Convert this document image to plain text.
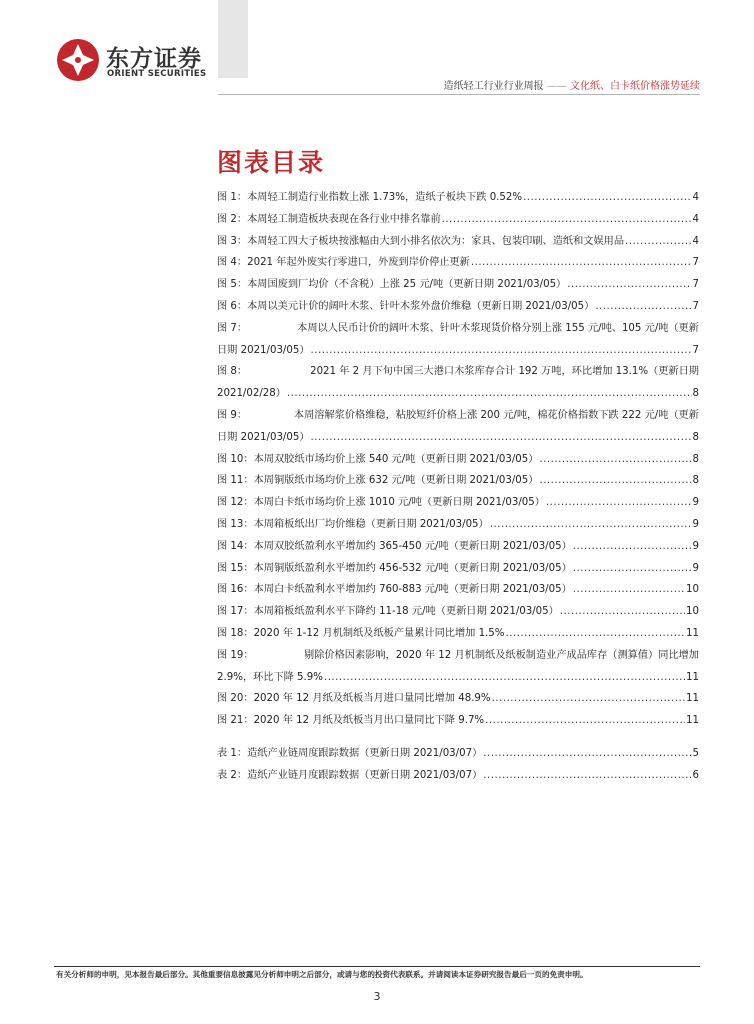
东方证券
ORIENT SECURITIES
造纸轻工行业行业周报 —— 文化纸、白卡纸价格涨势延续
图表目录
图 1： 本周轻工制造行业指数上涨 1.73%，造纸子板块下跌 0.52% .....	4
图 2： 本周轻工制造板块表现在各行业中排名靠前 .....	4
图 3： 本周轻工四大子板块按涨幅由大到小排名依次为：家具、包装印刷、造纸和文娱用品 .....	4
图 4： 2021 年起外废实行零进口，外废到岸价停止更新 .....	7
图 5： 本周国废到厂均价（不含税）上涨 25 元/吨（更新日期 2021/03/05） .....	7
图 6： 本周以美元计价的阔叶木浆、针叶木浆外盘价维稳（更新日期 2021/03/05） .....	7
图 7：	本周以人民币计价的阔叶木浆、针叶木浆现货价格分别上涨 155 元/吨、105 元/吨（更新
日期 2021/03/05） .....	7
图 8：	2021 年 2 月下旬中国三大港口木浆库存合计 192 万吨，环比增加 13.1%（更新日期
2021/02/28） .....	8
图 9：	本周溶解浆价格维稳，粘胶短纤价格上涨 200 元/吨，棉花价格指数下跌 222 元/吨（更新
日期 2021/03/05） .....	8
图 10： 本周双胶纸市场均价上涨 540 元/吨（更新日期 2021/03/05） .....	8
图 11： 本周铜版纸市场均价上涨 632 元/吨（更新日期 2021/03/05） .....	8
图 12： 本周白卡纸市场均价上涨 1010 元/吨（更新日期 2021/03/05） .....	9
图 13： 本周箱板纸出厂均价维稳（更新日期 2021/03/05） .....	9
图 14： 本周双胶纸盈利水平增加约 365-450 元/吨（更新日期 2021/03/05） .....	9
图 15： 本周铜版纸盈利水平增加约 456-532 元/吨（更新日期 2021/03/05） .....	9
图 16： 本周白卡纸盈利水平增加约 760-883 元/吨（更新日期 2021/03/05） .....	10
图 17： 本周箱板纸盈利水平下降约 11-18 元/吨（更新日期 2021/03/05） .....	10
图 18： 2020 年 1-12 月机制纸及纸板产量累计同比增加 1.5% .....	11
图 19：	剔除价格因素影响，2020 年 12 月机制纸及纸板制造业产成品库存（测算值）同比增加
2.9%，环比下降 5.9% .....	11
图 20： 2020 年 12 月纸及纸板当月进口量同比增加 48.9% .....	11
图 21： 2020 年 12 月纸及纸板当月出口量同比下降 9.7% .....	11
表 1： 造纸产业链周度跟踪数据（更新日期 2021/03/07） .....	5
表 2： 造纸产业链月度跟踪数据（更新日期 2021/03/07） .....	6
有关分析师的申明，见本报告最后部分。其他重要信息披露见分析师申明之后部分，或请与您的投资代表联系。并请阅读本证券研究报告最后一页的免责申明。
3
